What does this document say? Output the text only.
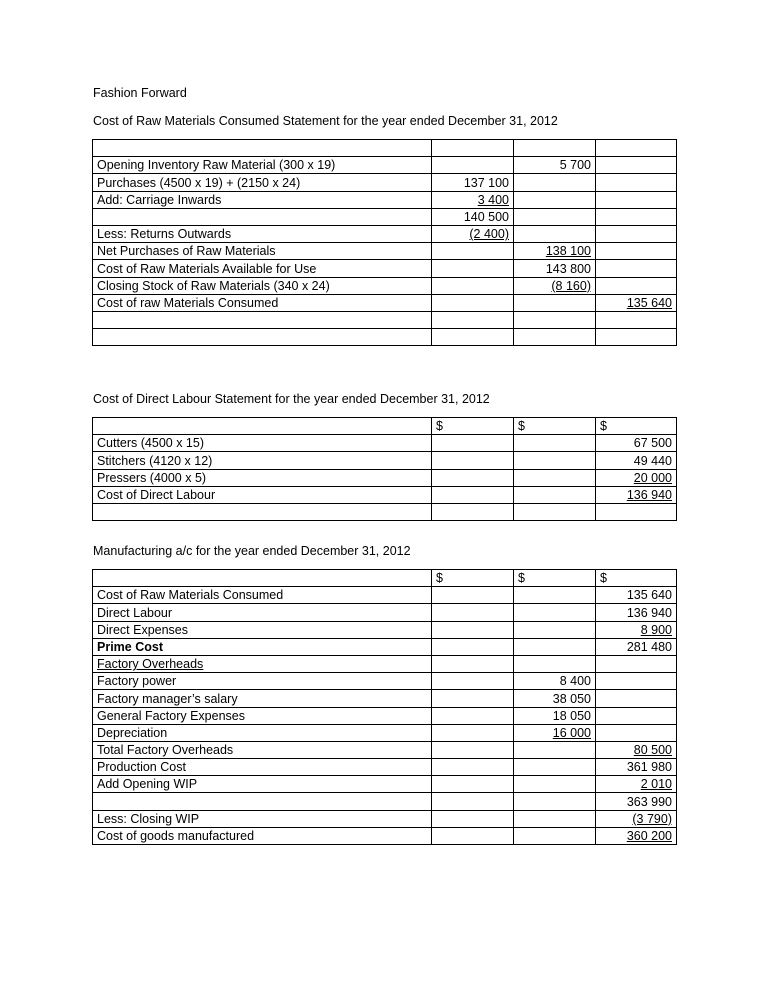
Fashion Forward
Cost of Raw Materials Consumed Statement for the year ended December 31, 2012

Opening Inventory Raw Material (300 x 19)		5 700	
Purchases (4500 x 19) + (2150 x 24)	137 100		
Add: Carriage Inwards	3 400		
	140 500		
Less: Returns Outwards	(2 400)		
Net Purchases of Raw Materials		138 100	
Cost of Raw Materials Available for Use		143 800	
Closing Stock of Raw Materials (340 x 24)		(8 160)	
Cost of raw Materials Consumed			135 640

Cost of Direct Labour Statement for the year ended December 31, 2012
	$	$	$
Cutters (4500 x 15)			67 500
Stitchers (4120 x 12)			49 440
Pressers (4000 x 5)			20 000
Cost of Direct Labour			136 940

Manufacturing a/c for the year ended December 31, 2012
	$	$	$
Cost of Raw Materials Consumed			135 640
Direct Labour			136 940
Direct Expenses			8 900
Prime Cost			281 480
Factory Overheads			
Factory power		8 400	
Factory manager’s salary		38 050	
General Factory Expenses		18 050	
Depreciation		16 000	
Total Factory Overheads			80 500
Production Cost			361 980
Add Opening WIP			2 010
			363 990
Less: Closing WIP			(3 790)
Cost of goods manufactured			360 200
